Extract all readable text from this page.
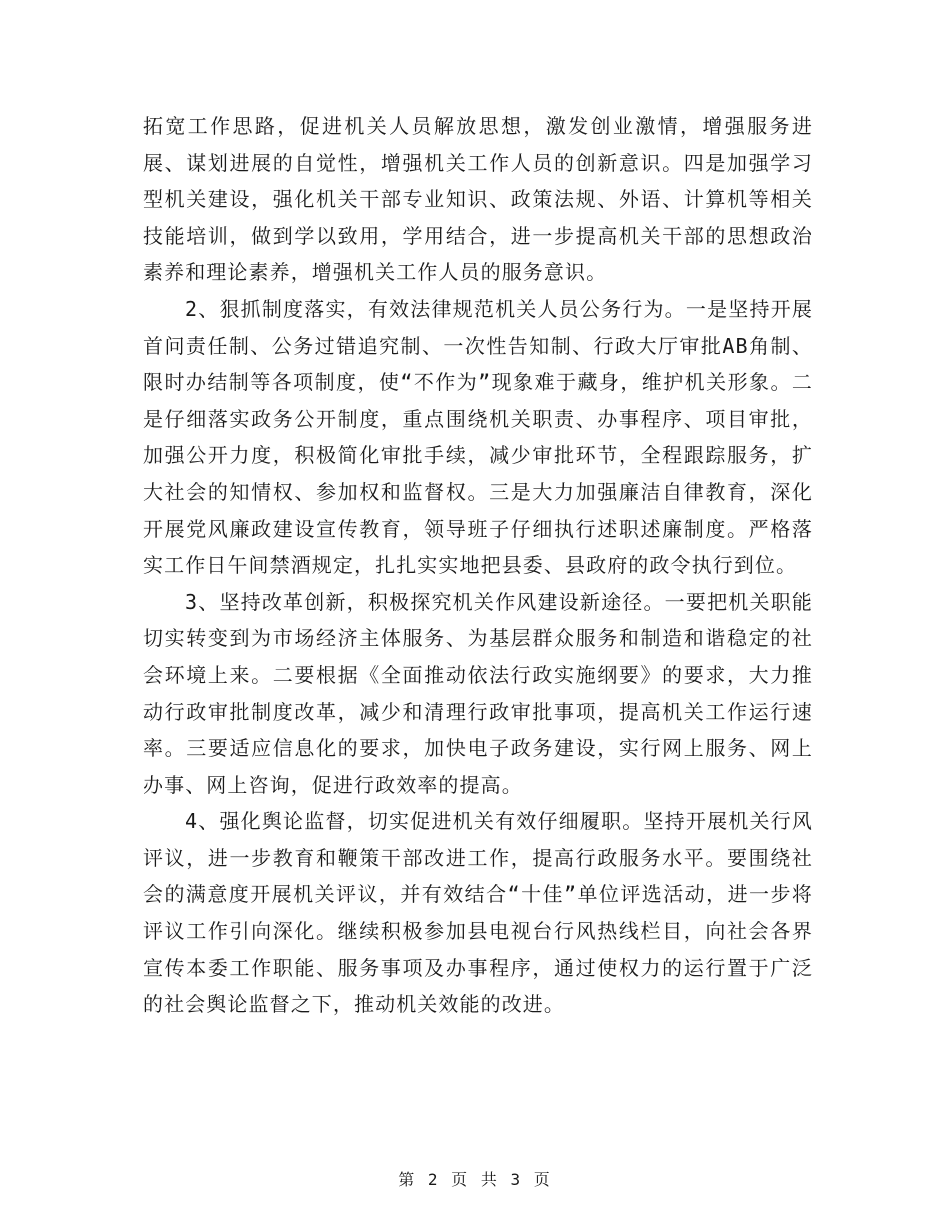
拓宽工作思路，促进机关人员解放思想，激发创业激情，增强服务进展、谋划进展的自觉性，增强机关工作人员的创新意识。四是加强学习型机关建设，强化机关干部专业知识、政策法规、外语、计算机等相关技能培训，做到学以致用，学用结合，进一步提高机关干部的思想政治素养和理论素养，增强机关工作人员的服务意识。

2、狠抓制度落实，有效法律规范机关人员公务行为。一是坚持开展首问责任制、公务过错追究制、一次性告知制、行政大厅审批AB角制、限时办结制等各项制度，使“不作为”现象难于藏身，维护机关形象。二是仔细落实政务公开制度，重点围绕机关职责、办事程序、项目审批，加强公开力度，积极简化审批手续，减少审批环节，全程跟踪服务，扩大社会的知情权、参加权和监督权。三是大力加强廉洁自律教育，深化开展党风廉政建设宣传教育，领导班子仔细执行述职述廉制度。严格落实工作日午间禁酒规定，扎扎实实地把县委、县政府的政令执行到位。

3、坚持改革创新，积极探究机关作风建设新途径。一要把机关职能切实转变到为市场经济主体服务、为基层群众服务和制造和谐稳定的社会环境上来。二要根据《全面推动依法行政实施纲要》的要求，大力推动行政审批制度改革，减少和清理行政审批事项，提高机关工作运行速率。三要适应信息化的要求，加快电子政务建设，实行网上服务、网上办事、网上咨询，促进行政效率的提高。

4、强化舆论监督，切实促进机关有效仔细履职。坚持开展机关行风评议，进一步教育和鞭策干部改进工作，提高行政服务水平。要围绕社会的满意度开展机关评议，并有效结合“十佳”单位评选活动，进一步将评议工作引向深化。继续积极参加县电视台行风热线栏目，向社会各界宣传本委工作职能、服务事项及办事程序，通过使权力的运行置于广泛的社会舆论监督之下，推动机关效能的改进。

第 2 页 共 3 页
